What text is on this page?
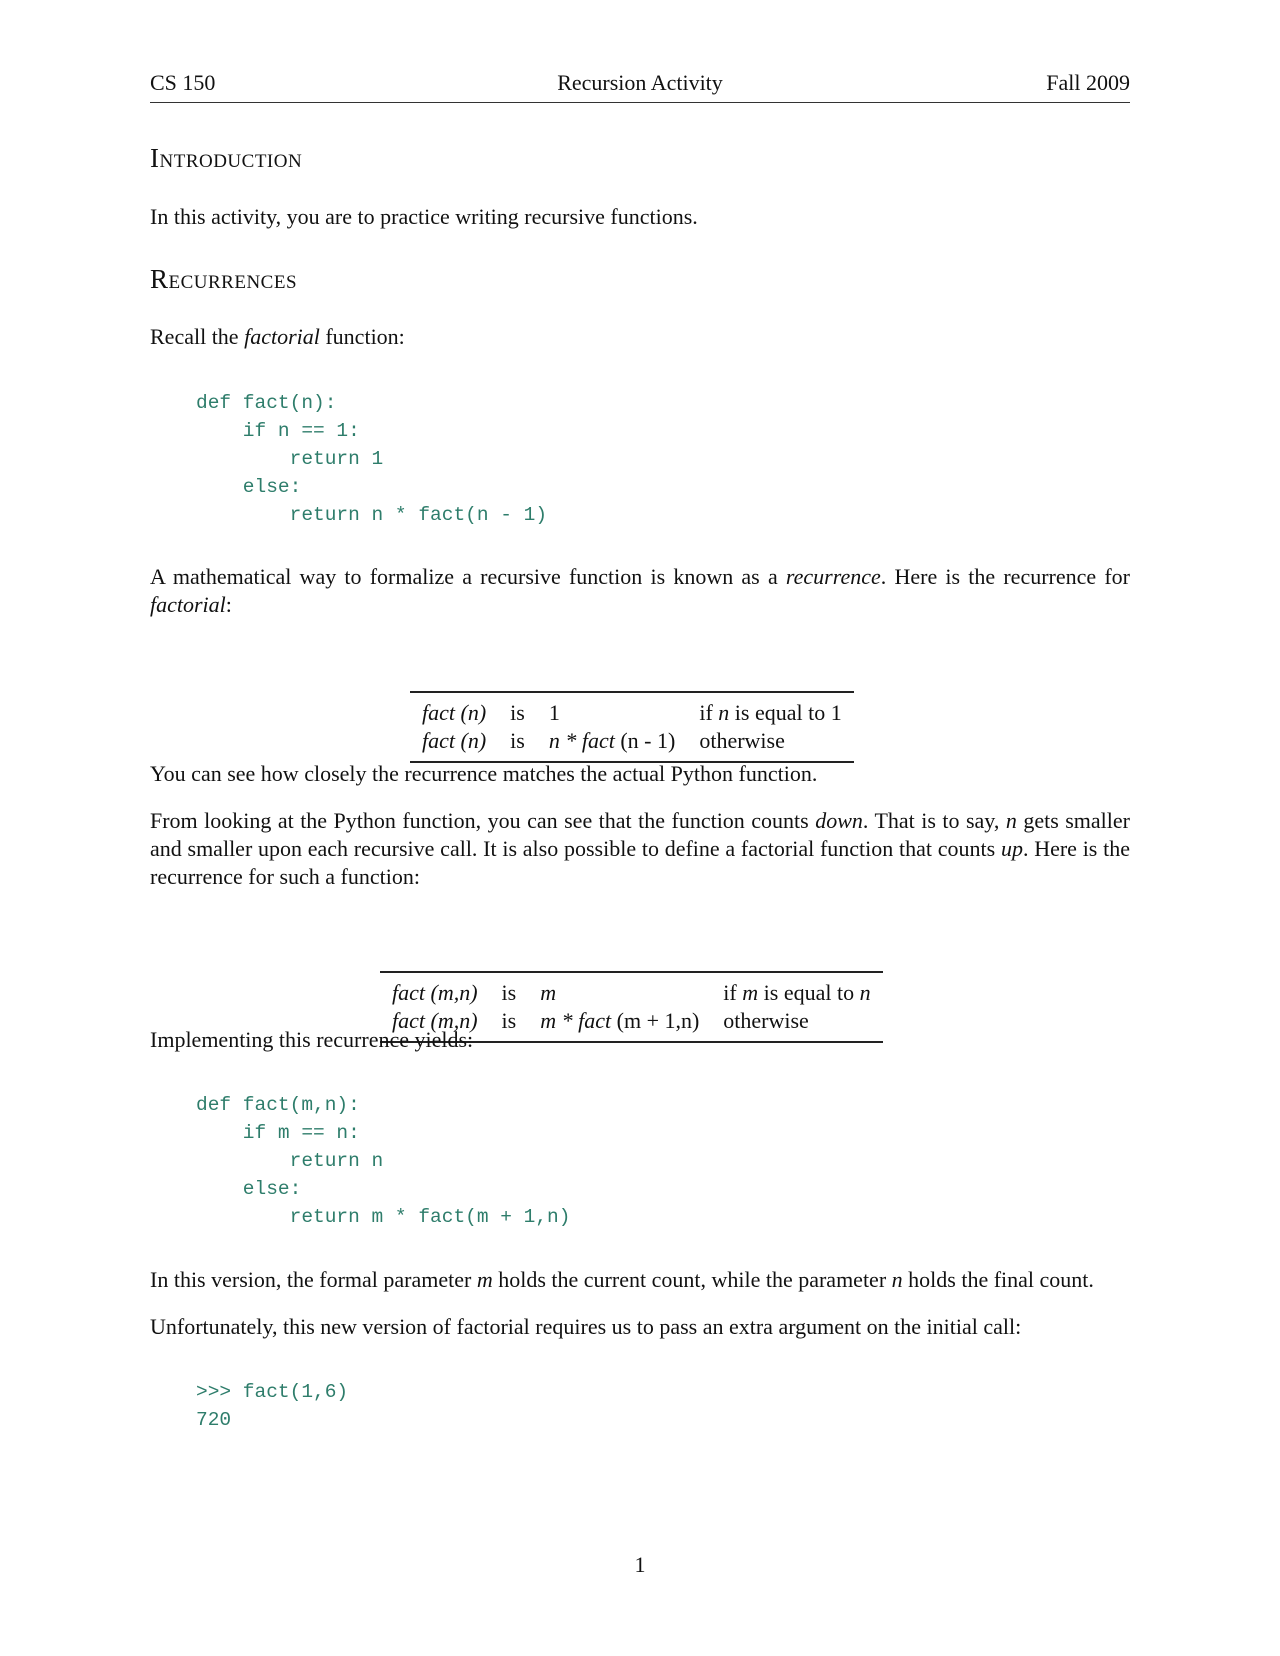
CS 150	Recursion Activity	Fall 2009
Introduction

In this activity, you are to practice writing recursive functions.

Recurrences

Recall the factorial function:

def fact(n):
if n == 1:
return 1
else:
return n * fact(n - 1)

A mathematical way to formalize a recursive function is known as a recurrence. Here is the recurrence for factorial:

fact (n)	is	1	if n is equal to 1
fact (n)	is	n * fact (n - 1)	otherwise

You can see how closely the recurrence matches the actual Python function.

From looking at the Python function, you can see that the function counts down. That is to say, n gets smaller and smaller upon each recursive call. It is also possible to define a factorial function that counts up. Here is the recurrence for such a function:

fact (m,n)	is	m	if m is equal to n
fact (m,n)	is	m * fact (m + 1,n)	otherwise

Implementing this recurrence yields:

def fact(m,n):
if m == n:
return n
else:
return m * fact(m + 1,n)

In this version, the formal parameter m holds the current count, while the parameter n holds the final count.

Unfortunately, this new version of factorial requires us to pass an extra argument on the initial call:

>>> fact(1,6)
720
1
